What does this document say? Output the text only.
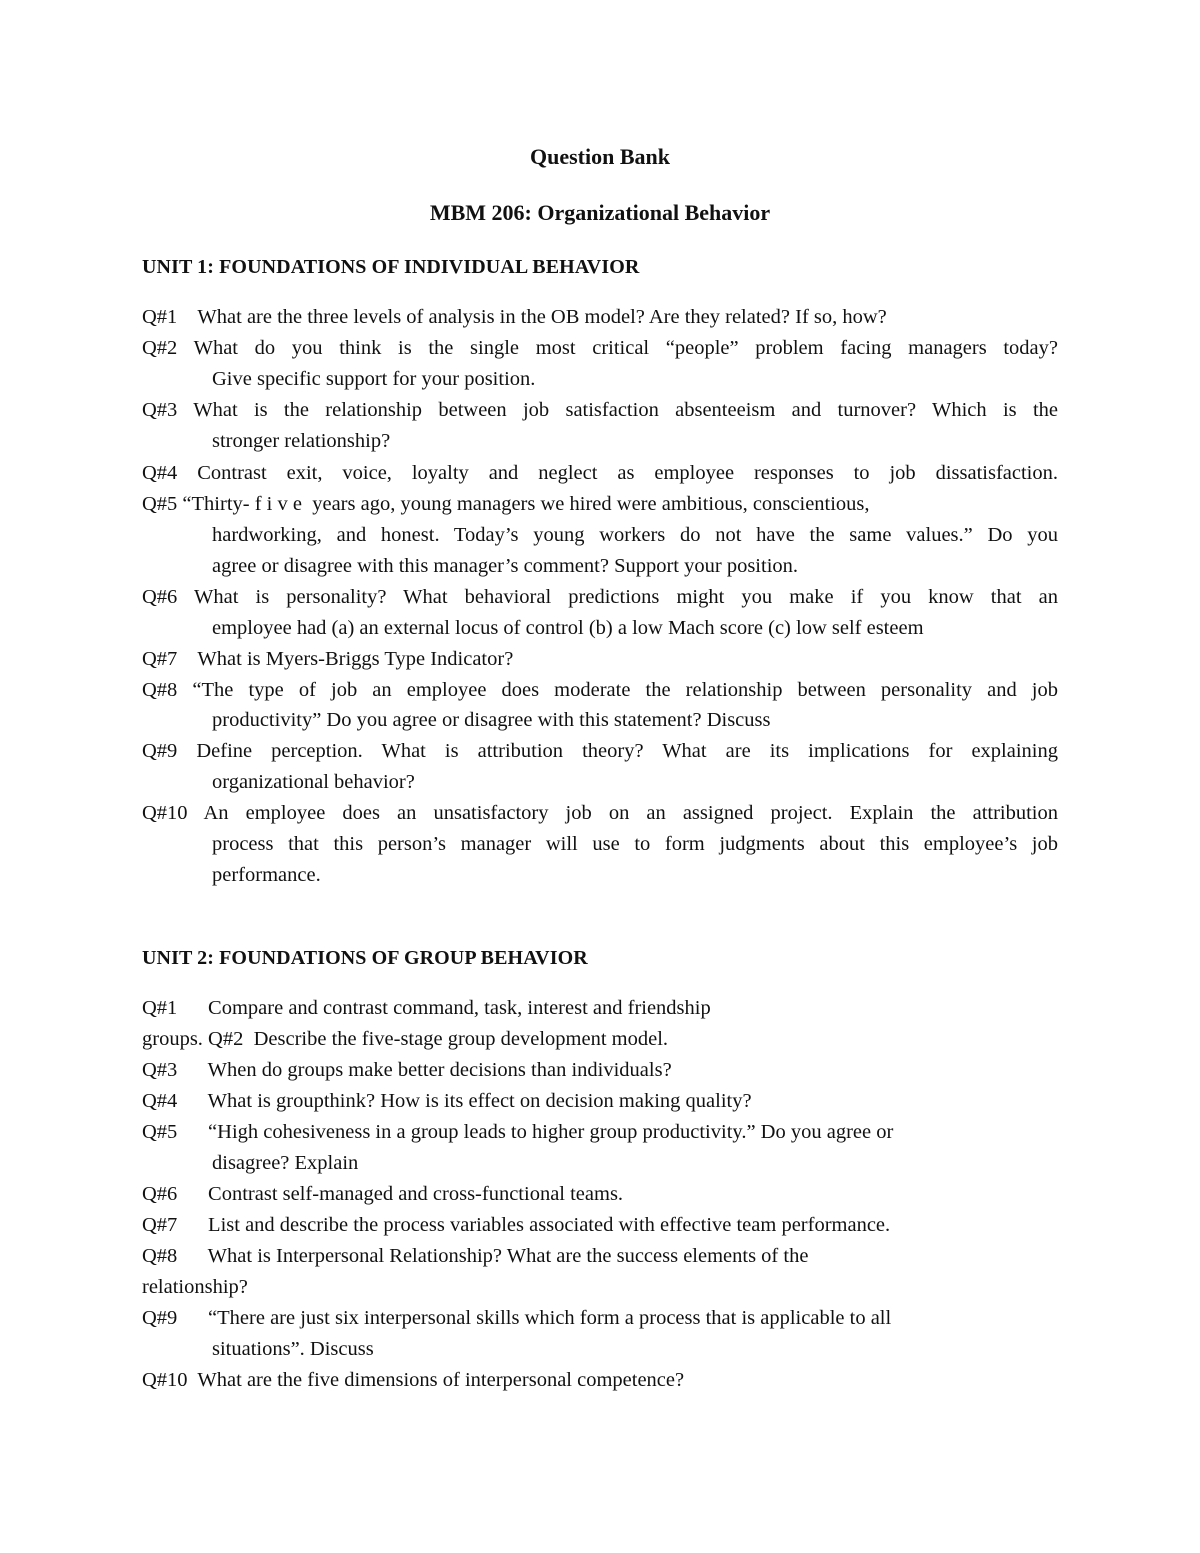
Question Bank
MBM 206: Organizational Behavior
UNIT 1: FOUNDATIONS OF INDIVIDUAL BEHAVIOR
Q#1    What are the three levels of analysis in the OB model? Are they related? If so, how?
Q#2 What do you think is the single most critical “people” problem facing managers today?
Give specific support for your position.
Q#3 What is the relationship between job satisfaction absenteeism and turnover? Which is the
stronger relationship?
Q#4 Contrast exit, voice, loyalty and neglect as employee responses to job dissatisfaction.
Q#5 “Thirty- f i v e  years ago, young managers we hired were ambitious, conscientious,
hardworking, and honest. Today’s young workers do not have the same values.” Do you
agree or disagree with this manager’s comment? Support your position.
Q#6 What is personality? What behavioral predictions might you make if you know that an
employee had (a) an external locus of control (b) a low Mach score (c) low self esteem
Q#7    What is Myers-Briggs Type Indicator?
Q#8 “The type of job an employee does moderate the relationship between personality and job
productivity” Do you agree or disagree with this statement? Discuss
Q#9 Define perception. What is attribution theory? What are its implications for explaining
organizational behavior?
Q#10 An employee does an unsatisfactory job on an assigned project. Explain the attribution
process that this person’s manager will use to form judgments about this employee’s job
performance.
UNIT 2: FOUNDATIONS OF GROUP BEHAVIOR
Q#1      Compare and contrast command, task, interest and friendship
groups. Q#2  Describe the five-stage group development model.
Q#3      When do groups make better decisions than individuals?
Q#4      What is groupthink? How is its effect on decision making quality?
Q#5      “High cohesiveness in a group leads to higher group productivity.” Do you agree or
disagree? Explain
Q#6      Contrast self-managed and cross-functional teams.
Q#7      List and describe the process variables associated with effective team performance.
Q#8      What is Interpersonal Relationship? What are the success elements of the
relationship?
Q#9      “There are just six interpersonal skills which form a process that is applicable to all
situations”. Discuss
Q#10  What are the five dimensions of interpersonal competence?
